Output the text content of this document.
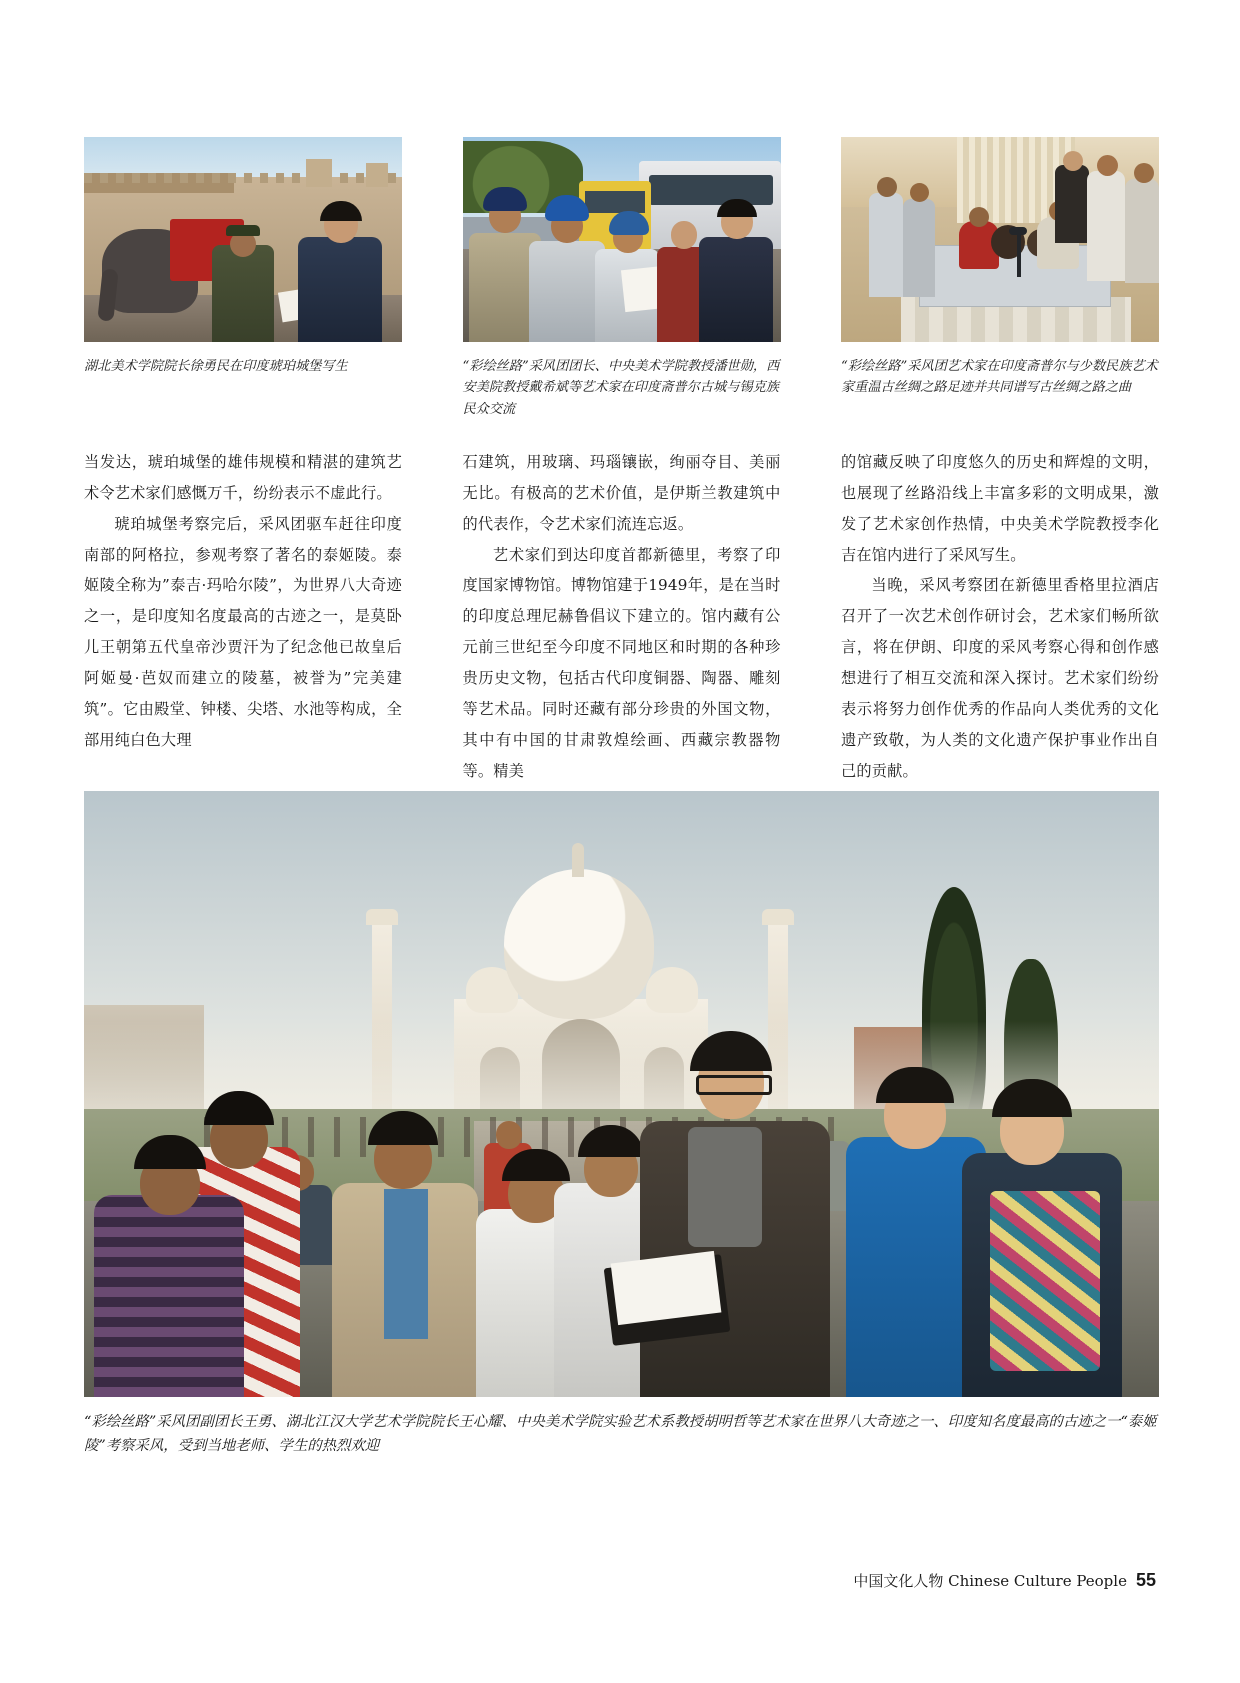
湖北美术学院院长徐勇民在印度琥珀城堡写生	“彩绘丝路”采风团团长、中央美术学院教授潘世勋，西安美院教授戴希斌等艺术家在印度斋普尔古城与锡克族民众交流
“彩绘丝路”采风团艺术家在印度斋普尔与少数民族艺术家重温古丝绸之路足迹并共同谱写古丝绸之路之曲

当发达，琥珀城堡的雄伟规模和精湛的建筑艺术令艺术家们感慨万千，纷纷表示不虚此行。

琥珀城堡考察完后，采风团驱车赶往印度南部的阿格拉，参观考察了著名的泰姬陵。泰姬陵全称为”泰吉·玛哈尔陵”，为世界八大奇迹之一，是印度知名度最高的古迹之一，是莫卧儿王朝第五代皇帝沙贾汗为了纪念他已故皇后阿姬曼·芭奴而建立的陵墓，被誉为”完美建筑”。它由殿堂、钟楼、尖塔、水池等构成，全部用纯白色大理

石建筑，用玻璃、玛瑙镶嵌，绚丽夺目、美丽无比。有极高的艺术价值，是伊斯兰教建筑中的代表作，令艺术家们流连忘返。

艺术家们到达印度首都新德里，考察了印度国家博物馆。博物馆建于1949年，是在当时的印度总理尼赫鲁倡议下建立的。馆内藏有公元前三世纪至今印度不同地区和时期的各种珍贵历史文物，包括古代印度铜器、陶器、雕刻等艺术品。同时还藏有部分珍贵的外国文物，其中有中国的甘肃敦煌绘画、西藏宗教器物等。精美

的馆藏反映了印度悠久的历史和辉煌的文明，也展现了丝路沿线上丰富多彩的文明成果，激发了艺术家创作热情，中央美术学院教授李化吉在馆内进行了采风写生。

当晚，采风考察团在新德里香格里拉酒店召开了一次艺术创作研讨会，艺术家们畅所欲言，将在伊朗、印度的采风考察心得和创作感想进行了相互交流和深入探讨。艺术家们纷纷表示将努力创作优秀的作品向人类优秀的文化遗产致敬，为人类的文化遗产保护事业作出自己的贡献。

“彩绘丝路”采风团副团长王勇、湖北江汉大学艺术学院院长王心耀、中央美术学院实验艺术系教授胡明哲等艺术家在世界八大奇迹之一、印度知名度最高的古迹之一“泰姬陵”考察采风，受到当地老师、学生的热烈欢迎
中国文化人物 Chinese Culture People 55
